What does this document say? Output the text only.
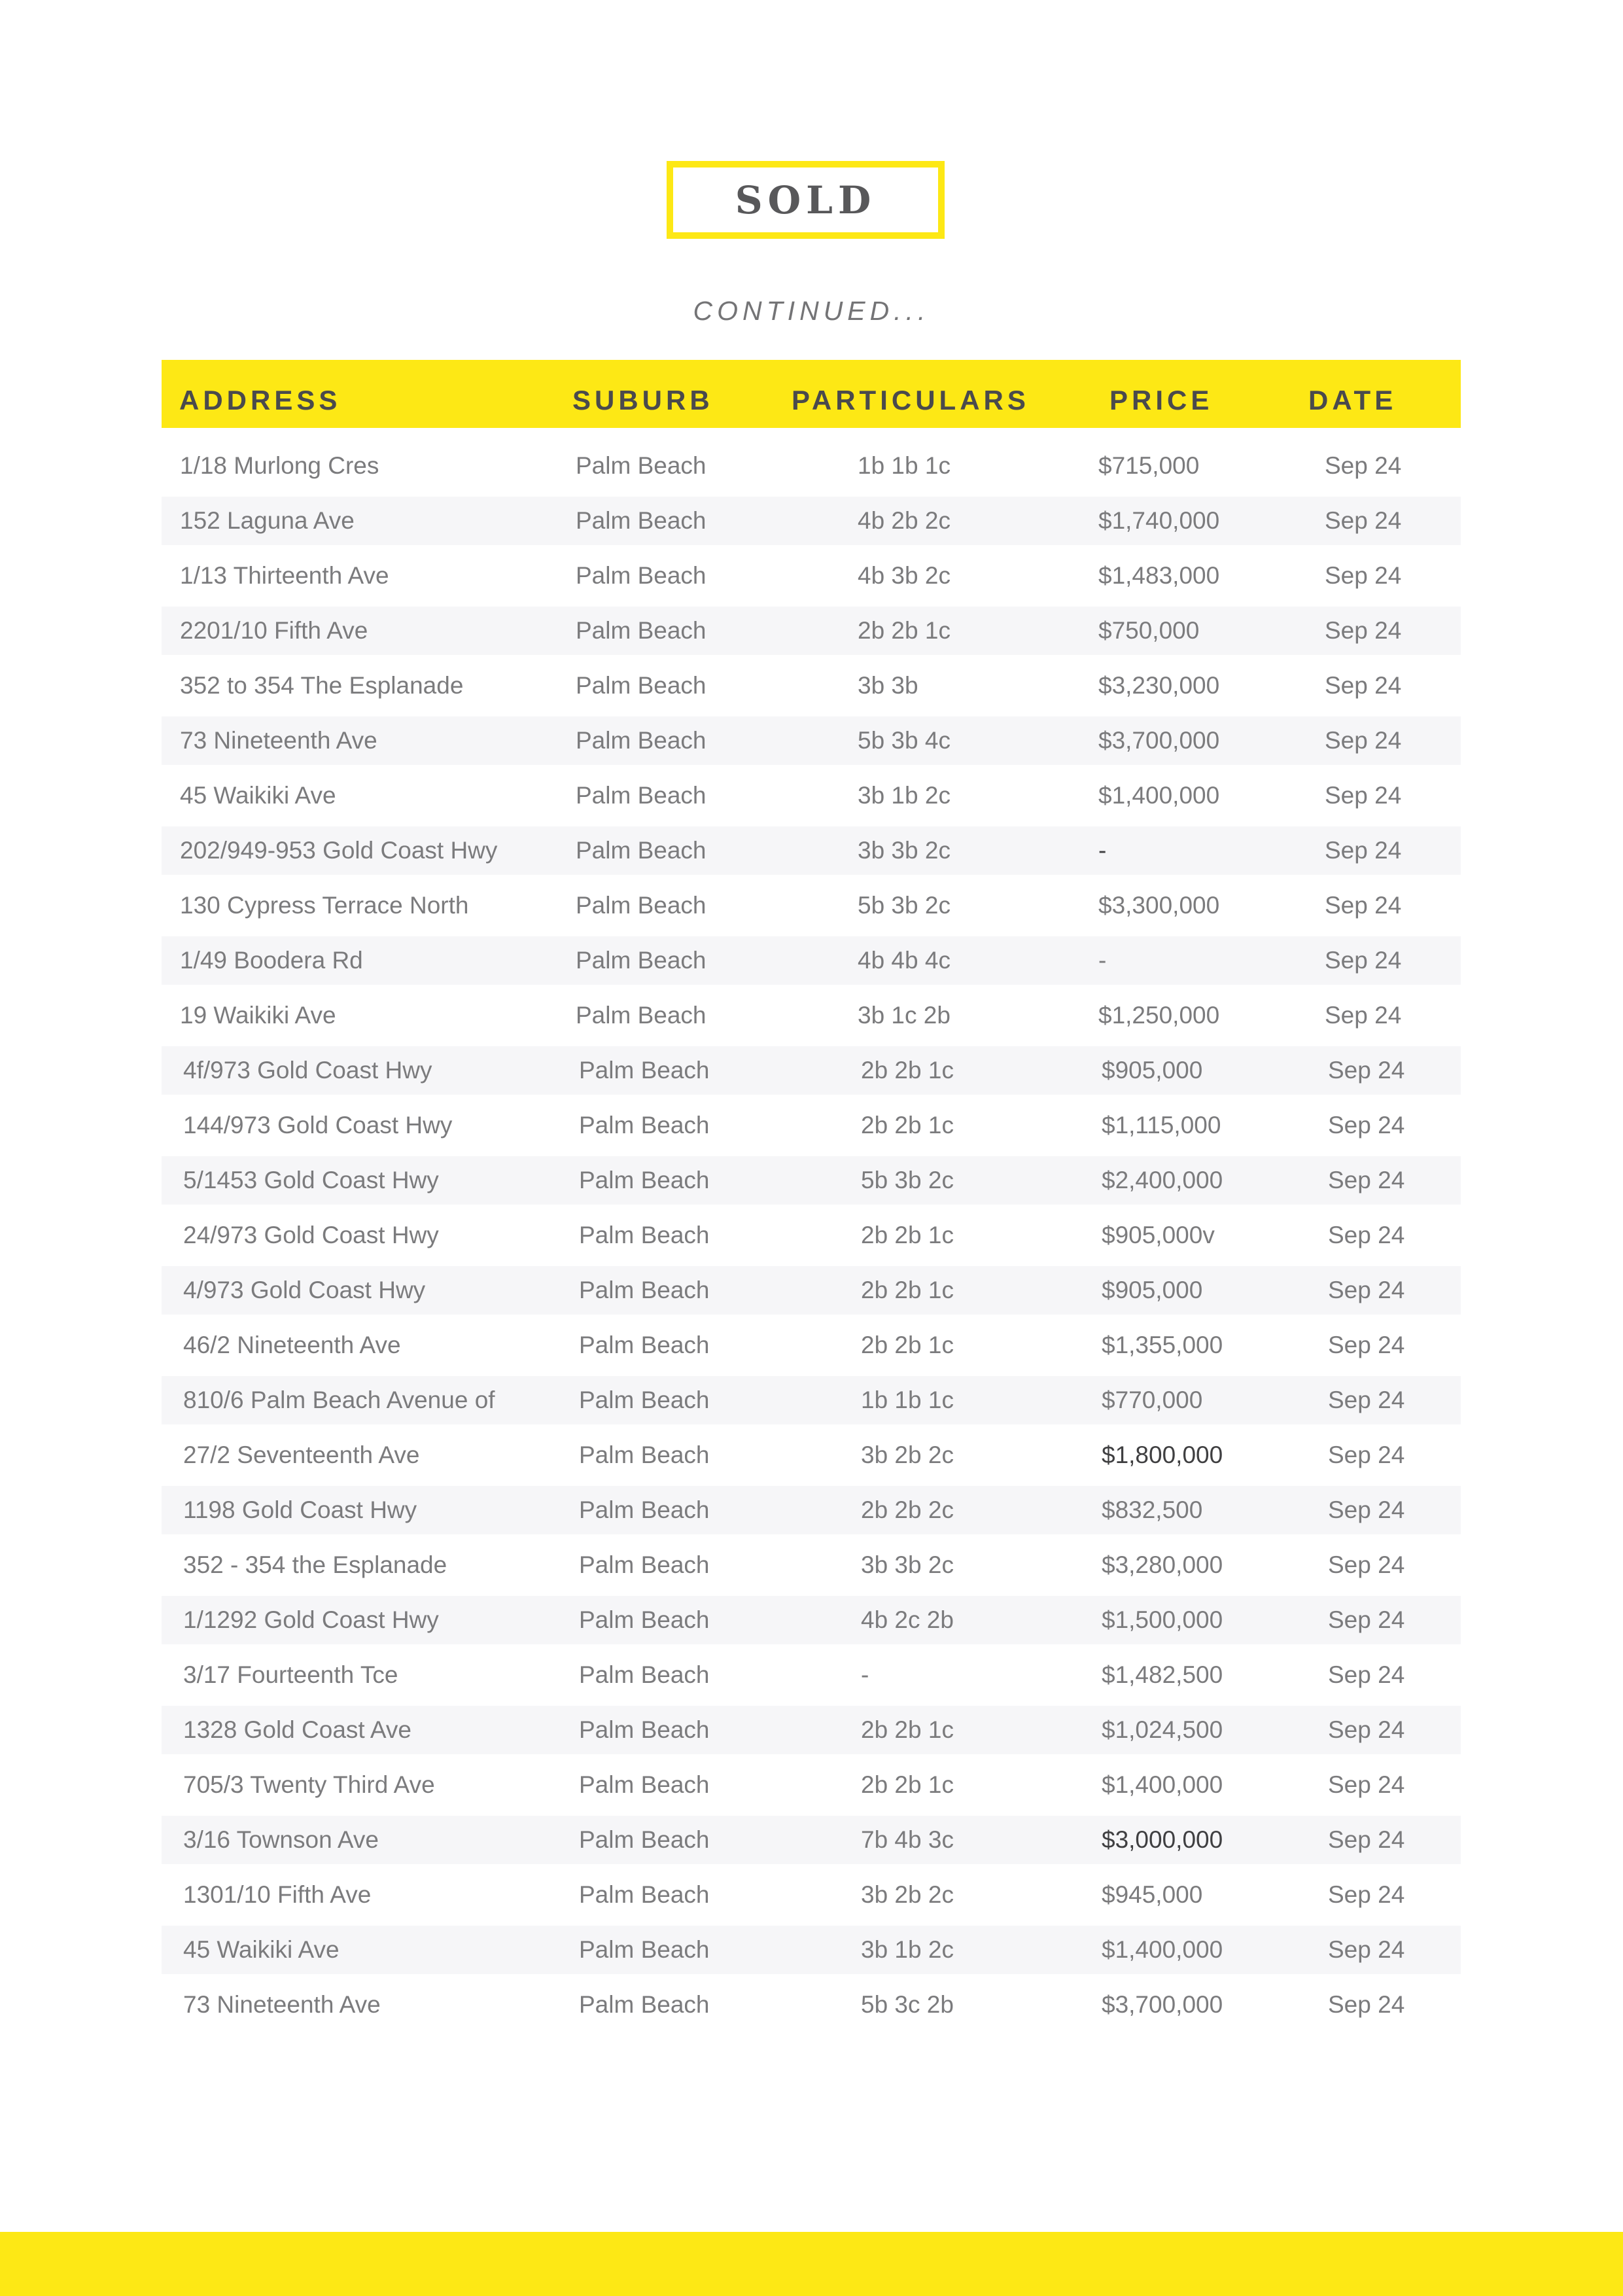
SOLD
CONTINUED...
ADDRESS	SUBURB	PARTICULARS	PRICE	DATE
1/18 Murlong Cres	Palm Beach	1b 1b 1c	$715,000	Sep 24
152 Laguna Ave	Palm Beach	4b 2b 2c	$1,740,000	Sep 24
1/13 Thirteenth Ave	Palm Beach	4b 3b 2c	$1,483,000	Sep 24
2201/10 Fifth Ave	Palm Beach	2b 2b 1c	$750,000	Sep 24
352 to 354 The Esplanade	Palm Beach	3b 3b	$3,230,000	Sep 24
73 Nineteenth Ave	Palm Beach	5b 3b 4c	$3,700,000	Sep 24
45 Waikiki Ave	Palm Beach	3b 1b 2c	$1,400,000	Sep 24
202/949-953 Gold Coast Hwy	Palm Beach	3b 3b 2c	-	Sep 24
130 Cypress Terrace North	Palm Beach	5b 3b 2c	$3,300,000	Sep 24
1/49 Boodera Rd	Palm Beach	4b 4b 4c	-	Sep 24
19 Waikiki Ave	Palm Beach	3b 1c 2b	$1,250,000	Sep 24
4f/973 Gold Coast Hwy	Palm Beach	2b 2b 1c	$905,000	Sep 24
144/973 Gold Coast Hwy	Palm Beach	2b 2b 1c	$1,115,000	Sep 24
5/1453 Gold Coast Hwy	Palm Beach	5b 3b 2c	$2,400,000	Sep 24
24/973 Gold Coast Hwy	Palm Beach	2b 2b 1c	$905,000v	Sep 24
4/973 Gold Coast Hwy	Palm Beach	2b 2b 1c	$905,000	Sep 24
46/2 Nineteenth Ave	Palm Beach	2b 2b 1c	$1,355,000	Sep 24
810/6 Palm Beach Avenue of	Palm Beach	1b 1b 1c	$770,000	Sep 24
27/2 Seventeenth Ave	Palm Beach	3b 2b 2c	$1,800,000	Sep 24
1198 Gold Coast Hwy	Palm Beach	2b 2b 2c	$832,500	Sep 24
352 - 354 the Esplanade	Palm Beach	3b 3b 2c	$3,280,000	Sep 24
1/1292 Gold Coast Hwy	Palm Beach	4b 2c 2b	$1,500,000	Sep 24
3/17 Fourteenth Tce	Palm Beach	-	$1,482,500	Sep 24
1328 Gold Coast Ave	Palm Beach	2b 2b 1c	$1,024,500	Sep 24
705/3 Twenty Third Ave	Palm Beach	2b 2b 1c	$1,400,000	Sep 24
3/16 Townson Ave	Palm Beach	7b 4b 3c	$3,000,000	Sep 24
1301/10 Fifth Ave	Palm Beach	3b 2b 2c	$945,000	Sep 24
45 Waikiki Ave	Palm Beach	3b 1b 2c	$1,400,000	Sep 24
73 Nineteenth Ave	Palm Beach	5b 3c 2b	$3,700,000	Sep 24
